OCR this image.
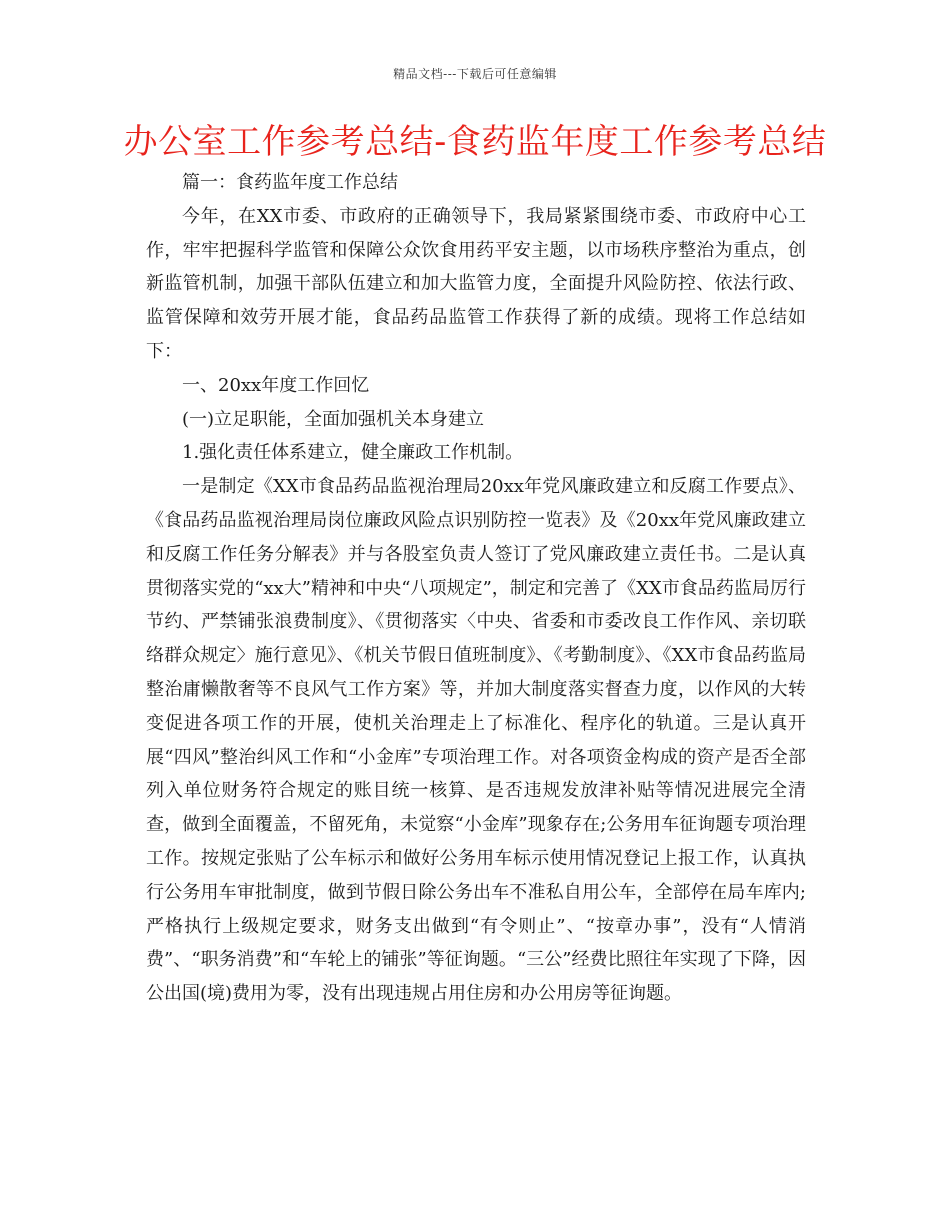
精品文档---下载后可任意编辑
办公室工作参考总结-食药监年度工作参考总结

篇一：食药监年度工作总结

今年，在XX市委、市政府的正确领导下，我局紧紧围绕市委、市政府中心工作，牢牢把握科学监管和保障公众饮食用药平安主题，以市场秩序整治为重点，创新监管机制，加强干部队伍建立和加大监管力度，全面提升风险防控、依法行政、监管保障和效劳开展才能，食品药品监管工作获得了新的成绩。现将工作总结如下：

一、20xx年度工作回忆

(一)立足职能，全面加强机关本身建立

1.强化责任体系建立，健全廉政工作机制。

一是制定《XX市食品药品监视治理局20xx年党风廉政建立和反腐工作要点》、《食品药品监视治理局岗位廉政风险点识别防控一览表》及《20xx年党风廉政建立和反腐工作任务分解表》并与各股室负责人签订了党风廉政建立责任书。二是认真贯彻落实党的“xx大”精神和中央“八项规定”，制定和完善了《XX市食品药监局厉行节约、严禁铺张浪费制度》、《贯彻落实〈中央、省委和市委改良工作作风、亲切联络群众规定〉施行意见》、《机关节假日值班制度》、《考勤制度》、《XX市食品药监局整治庸懒散奢等不良风气工作方案》等，并加大制度落实督查力度，以作风的大转变促进各项工作的开展，使机关治理走上了标准化、程序化的轨道。三是认真开展“四风”整治纠风工作和“小金库”专项治理工作。对各项资金构成的资产是否全部列入单位财务符合规定的账目统一核算、是否违规发放津补贴等情况进展完全清查，做到全面覆盖，不留死角，未觉察“小金库”现象存在;公务用车征询题专项治理工作。按规定张贴了公车标示和做好公务用车标示使用情况登记上报工作，认真执行公务用车审批制度，做到节假日除公务出车不准私自用公车，全部停在局车库内;严格执行上级规定要求，财务支出做到“有令则止”、“按章办事”，没有“人情消费”、“职务消费”和“车轮上的铺张”等征询题。“三公”经费比照往年实现了下降，因公出国(境)费用为零，没有出现违规占用住房和办公用房等征询题。
